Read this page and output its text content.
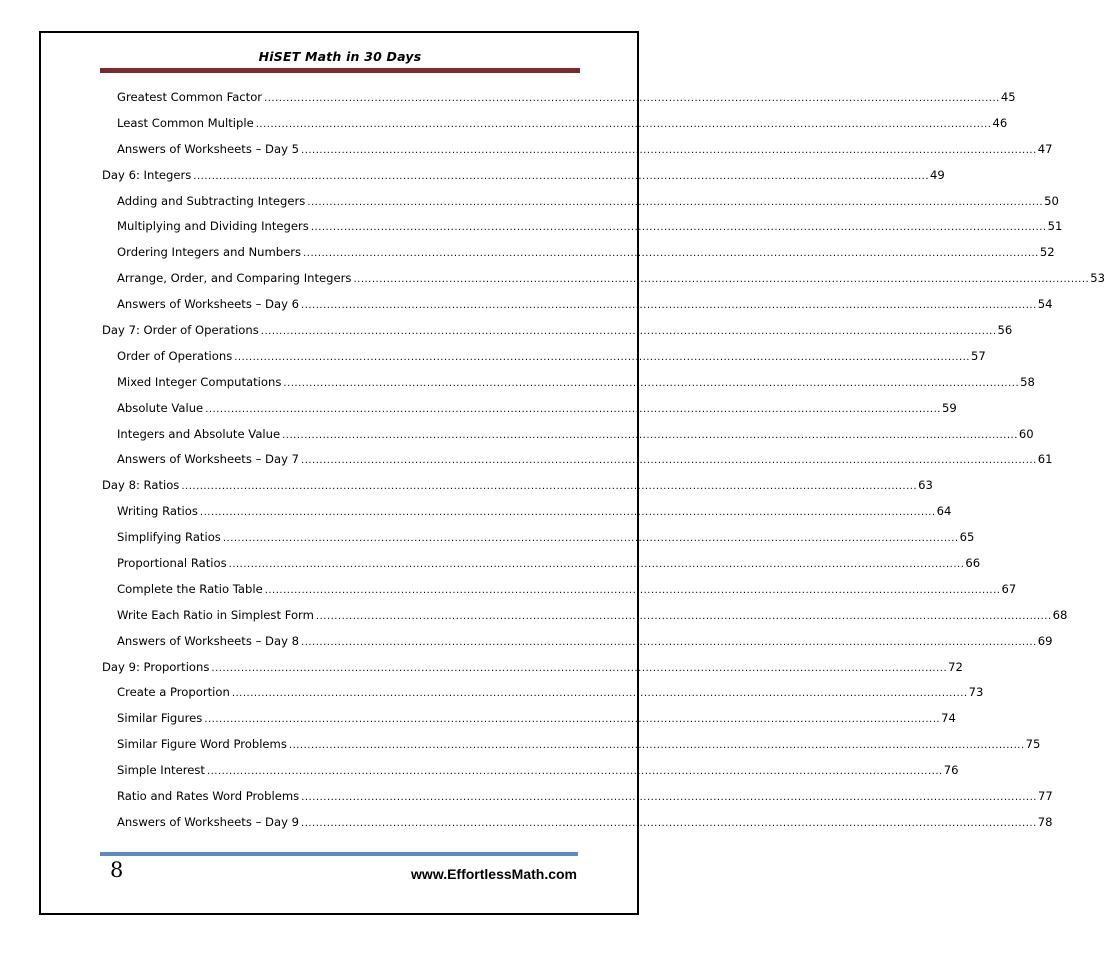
HiSET Math in 30 Days
Greatest Common Factor ........................................................................................................................................................................................................ 45
Least Common Multiple ........................................................................................................................................................................................................ 46
Answers of Worksheets – Day 5 ........................................................................................................................................................................................................ 47
Day 6: Integers ........................................................................................................................................................................................................ 49
Adding and Subtracting Integers ........................................................................................................................................................................................................ 50
Multiplying and Dividing Integers ........................................................................................................................................................................................................ 51
Ordering Integers and Numbers ........................................................................................................................................................................................................ 52
Arrange, Order, and Comparing Integers ........................................................................................................................................................................................................ 53
Answers of Worksheets – Day 6 ........................................................................................................................................................................................................ 54
Day 7: Order of Operations ........................................................................................................................................................................................................ 56
Order of Operations ........................................................................................................................................................................................................ 57
Mixed Integer Computations ........................................................................................................................................................................................................ 58
Absolute Value ........................................................................................................................................................................................................ 59
Integers and Absolute Value ........................................................................................................................................................................................................ 60
Answers of Worksheets – Day 7 ........................................................................................................................................................................................................ 61
Day 8: Ratios ........................................................................................................................................................................................................ 63
Writing Ratios ........................................................................................................................................................................................................ 64
Simplifying Ratios ........................................................................................................................................................................................................ 65
Proportional Ratios ........................................................................................................................................................................................................ 66
Complete the Ratio Table ........................................................................................................................................................................................................ 67
Write Each Ratio in Simplest Form ........................................................................................................................................................................................................ 68
Answers of Worksheets – Day 8 ........................................................................................................................................................................................................ 69
Day 9: Proportions ........................................................................................................................................................................................................ 72
Create a Proportion ........................................................................................................................................................................................................ 73
Similar Figures ........................................................................................................................................................................................................ 74
Similar Figure Word Problems ........................................................................................................................................................................................................ 75
Simple Interest ........................................................................................................................................................................................................ 76
Ratio and Rates Word Problems ........................................................................................................................................................................................................ 77
Answers of Worksheets – Day 9 ........................................................................................................................................................................................................ 78
8	www.EffortlessMath.com
